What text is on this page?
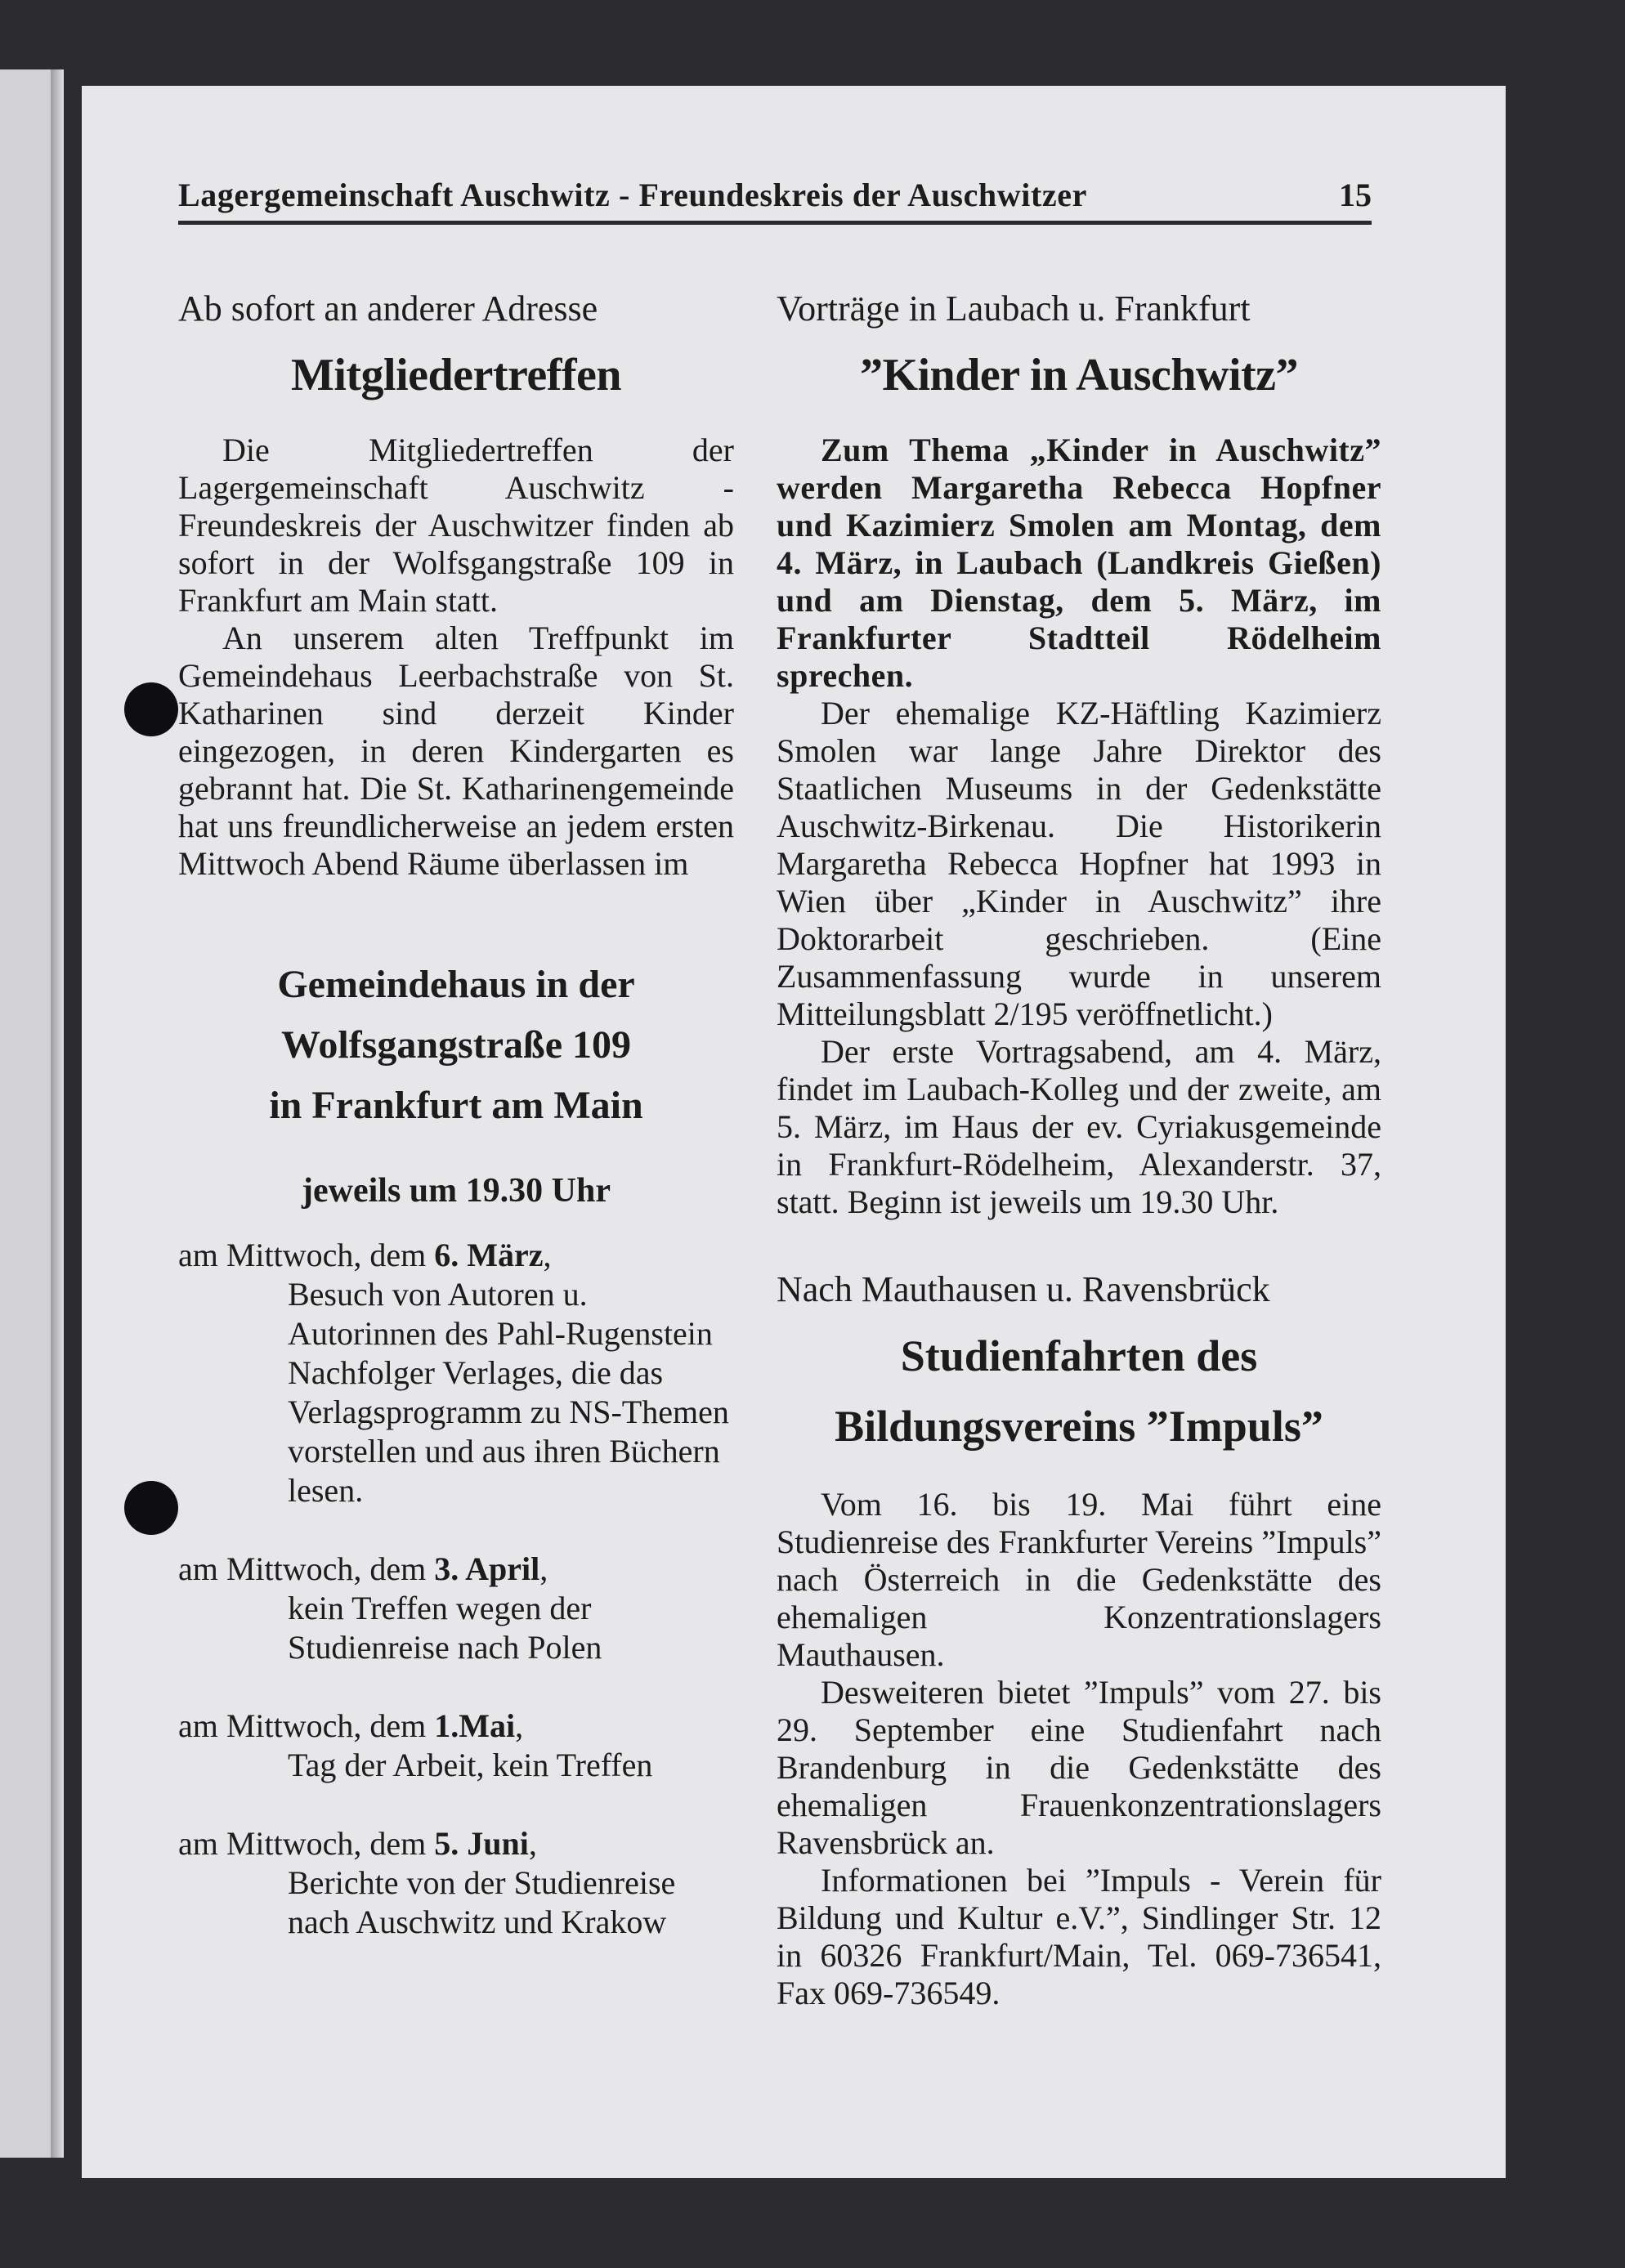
Lagergemeinschaft Auschwitz - Freundeskreis der Auschwitzer	15
Ab sofort an anderer Adresse
Mitgliedertreffen

Die Mitgliedertreffen der Lagergemeinschaft Auschwitz - Freundeskreis der Auschwitzer finden ab sofort in der Wolfsgangstraße 109 in Frankfurt am Main statt.

An unserem alten Treffpunkt im Gemeindehaus Leerbachstraße von St. Katharinen sind derzeit Kinder eingezogen, in deren Kindergarten es gebrannt hat. Die St. Katharinengemeinde hat uns freundlicherweise an jedem ersten Mittwoch Abend Räume überlassen im

Gemeindehaus in der
Wolfsgangstraße 109
in Frankfurt am Main
jeweils um 19.30 Uhr
am Mittwoch, dem 6. März,
Besuch von Autoren u. Autorinnen des Pahl-Rugenstein Nachfolger Verlages, die das Verlagsprogramm zu NS-Themen vorstellen und aus ihren Büchern lesen.
am Mittwoch, dem 3. April,
kein Treffen wegen der Studienreise nach Polen
am Mittwoch, dem 1.Mai,
Tag der Arbeit, kein Treffen
am Mittwoch, dem 5. Juni,
Berichte von der Studienreise nach Auschwitz und Krakow
Vorträge in Laubach u. Frankfurt
”Kinder in Auschwitz”

Zum Thema „Kinder in Auschwitz” werden Margaretha Rebecca Hopfner und Kazimierz Smolen am Montag, dem 4. März, in Laubach (Landkreis Gießen) und am Dienstag, dem 5. März, im Frankfurter Stadtteil Rödelheim sprechen.

Der ehemalige KZ-Häftling Kazimierz Smolen war lange Jahre Direktor des Staatlichen Museums in der Gedenkstätte Auschwitz-Birkenau. Die Historikerin Margaretha Rebecca Hopfner hat 1993 in Wien über „Kinder in Auschwitz” ihre Doktorarbeit geschrieben. (Eine Zusammenfassung wurde in unserem Mitteilungsblatt 2/195 veröffnetlicht.)

Der erste Vortragsabend, am 4. März, findet im Laubach-Kolleg und der zweite, am 5. März, im Haus der ev. Cyriakusgemeinde in Frankfurt-Rödelheim, Alexanderstr. 37, statt. Beginn ist jeweils um 19.30 Uhr.

Nach Mauthausen u. Ravensbrück
Studienfahrten des
Bildungsvereins ”Impuls”

Vom 16. bis 19. Mai führt eine Studienreise des Frankfurter Vereins ”Impuls” nach Österreich in die Gedenkstätte des ehemaligen Konzentrationslagers Mauthausen.

Desweiteren bietet ”Impuls” vom 27. bis 29. September eine Studienfahrt nach Brandenburg in die Gedenkstätte des ehemaligen Frauenkonzentrationslagers Ravensbrück an.

Informationen bei ”Impuls - Verein für Bildung und Kultur e.V.”, Sindlinger Str. 12 in 60326 Frankfurt/Main, Tel. 069-736541, Fax 069-736549.
